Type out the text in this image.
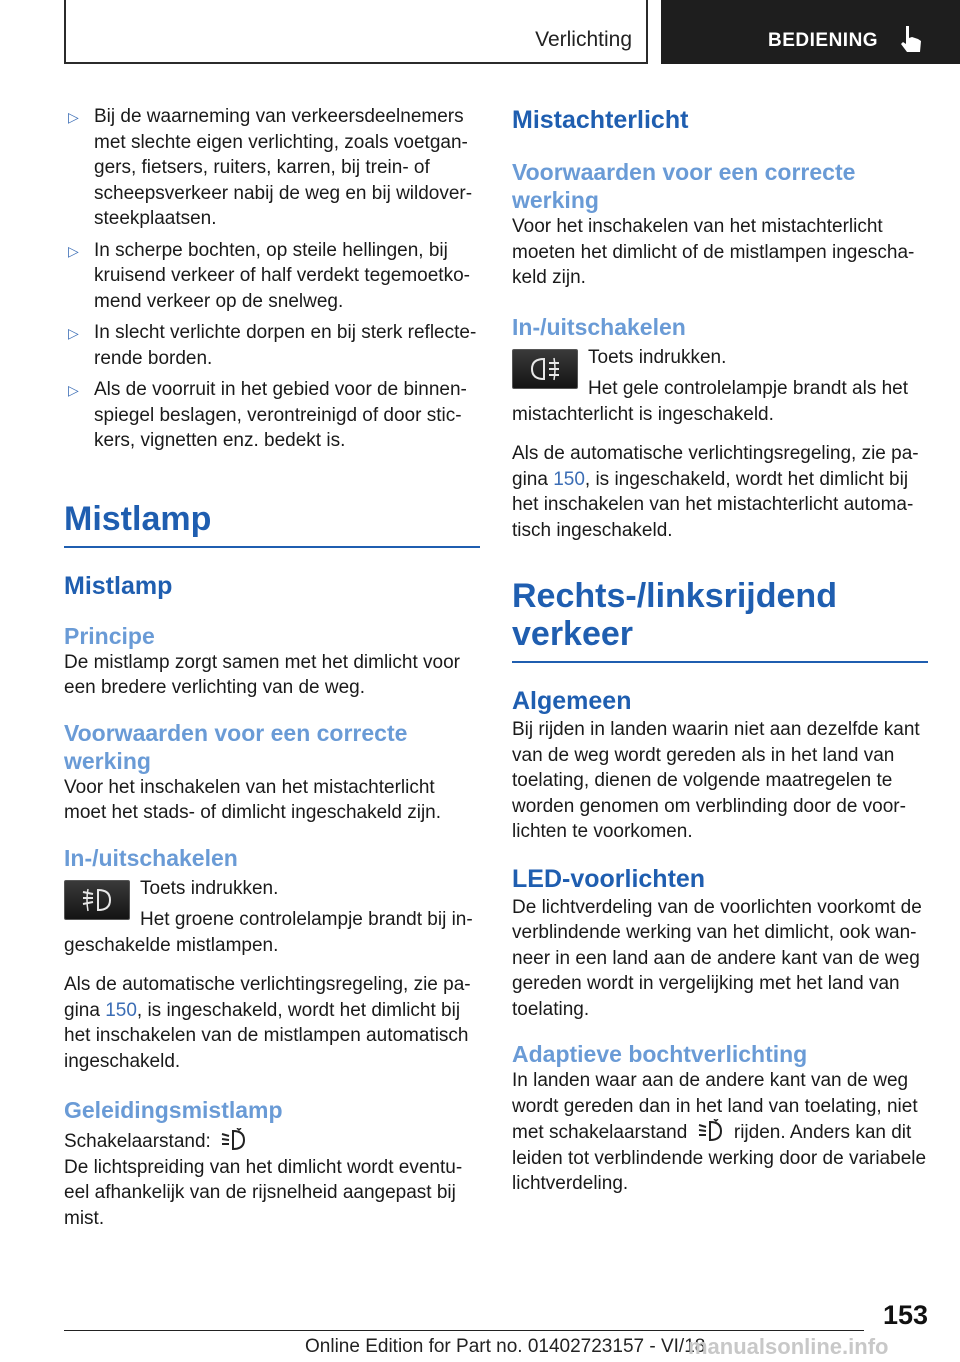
Verlichting	BEDIENING
▷ Bij de waarneming van verkeersdeelnemers met slechte eigen verlichting, zoals voetgangers, fietsers, ruiters, karren, bij trein- of scheepsverkeer nabij de weg en bij wildoversteekplaatsen.
▷ In scherpe bochten, op steile hellingen, bij kruisend verkeer of half verdekt tegemoetkomend verkeer op de snelweg.
▷ In slecht verlichte dorpen en bij sterk reflecterende borden.
▷ Als de voorruit in het gebied voor de binnenspiegel beslagen, verontreinigd of door stickers, vignetten enz. bedekt is.
Mistlamp
Mistlamp
Principe

De mistlamp zorgt samen met het dimlicht voor een bredere verlichting van de weg.

Voorwaarden voor een correcte werking

Voor het inschakelen van het mistachterlicht moet het stads- of dimlicht ingeschakeld zijn.

In-/uitschakelen

Toets indrukken.

Het groene controlelampje brandt bij ingeschakelde mistlampen.

Als de automatische verlichtingsregeling, zie pagina 150, is ingeschakeld, wordt het dimlicht bij het inschakelen van de mistlampen automatisch ingeschakeld.

Geleidingsmistlamp

Schakelaarstand:

De lichtspreiding van het dimlicht wordt eventueel afhankelijk van de rijsnelheid aangepast bij mist.

Mistachterlicht
Voorwaarden voor een correcte werking

Voor het inschakelen van het mistachterlicht moeten het dimlicht of de mistlampen ingeschakeld zijn.

In-/uitschakelen

Toets indrukken.

Het gele controlelampje brandt als het mistachterlicht is ingeschakeld.

Als de automatische verlichtingsregeling, zie pagina 150, is ingeschakeld, wordt het dimlicht bij het inschakelen van het mistachterlicht automatisch ingeschakeld.

Rechts-/linksrijdend verkeer
Algemeen

Bij rijden in landen waarin niet aan dezelfde kant van de weg wordt gereden als in het land van toelating, dienen de volgende maatregelen te worden genomen om verblinding door de voorlichten te voorkomen.

LED-voorlichten

De lichtverdeling van de voorlichten voorkomt de verblindende werking van het dimlicht, ook wanneer in een land aan de andere kant van de weg gereden wordt in vergelijking met het land van toelating.

Adaptieve bochtverlichting

In landen waar aan de andere kant van de weg wordt gereden dan in het land van toelating, niet met schakelaarstand  rijden. Anders kan dit leiden tot verblindende werking door de variabele lichtverdeling.

153
Online Edition for Part no. 01402723157 - VI/18
manualsonline.info
